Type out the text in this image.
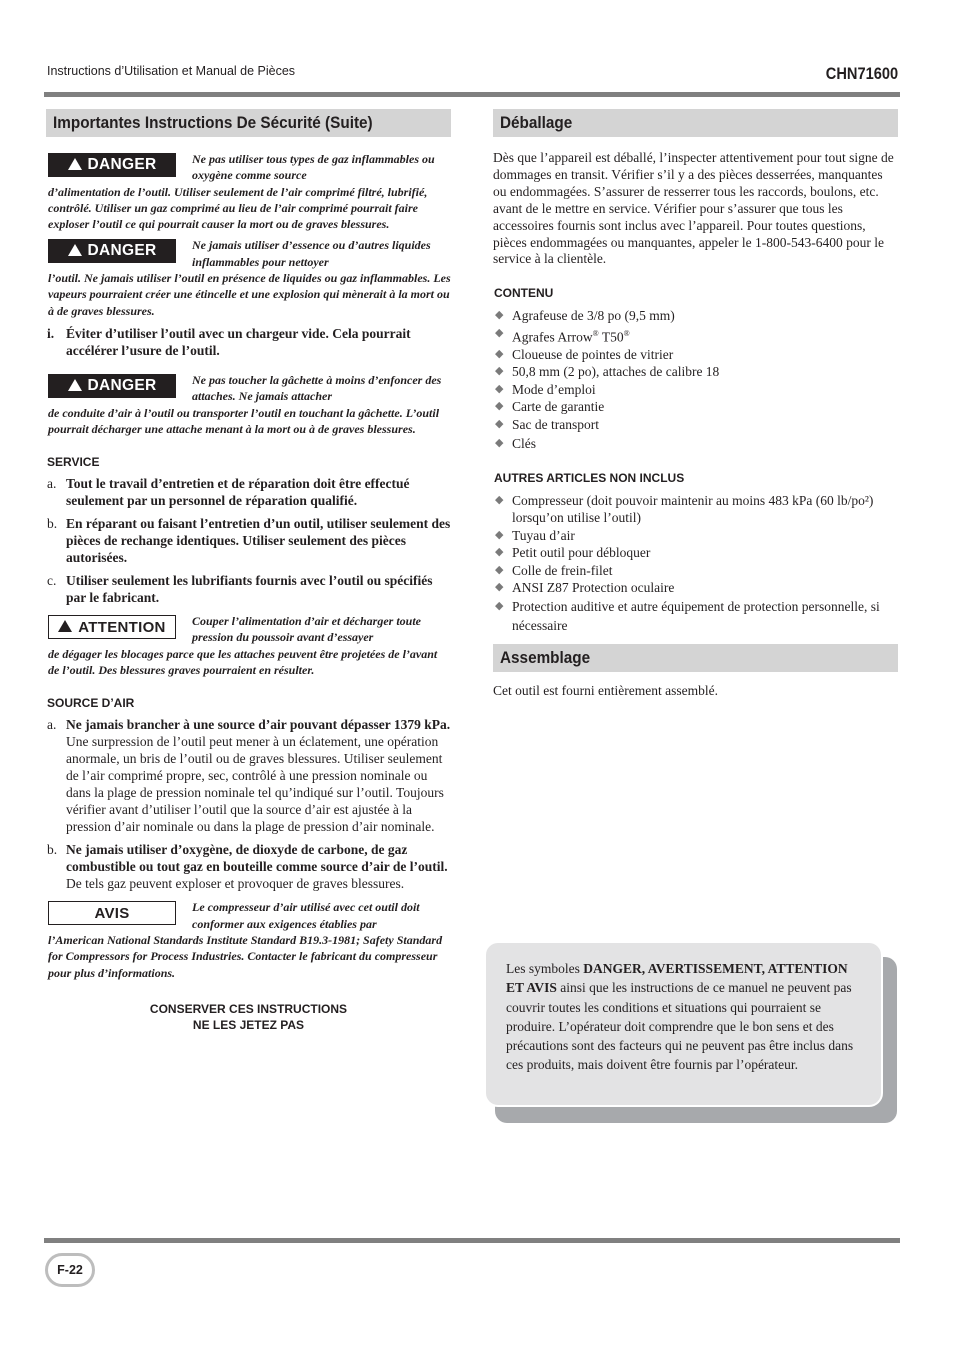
Instructions d’Utilisation et Manual de Pièces	CHN71600
Importantes Instructions De Sécurité (Suite)
DANGER	Ne pas utiliser tous types de gaz inflammables ou oxygène comme source
d’alimentation de l’outil. Utiliser seulement de l’air comprimé filtré, lubrifié, contrôlé. Utiliser un gaz comprimé au lieu de l’air comprimé pourrait faire exploser l’outil ce qui pourrait causer la mort ou de graves blessures.
DANGER	Ne jamais utiliser d’essence ou d’autres liquides inflammables pour nettoyer
l’outil. Ne jamais utiliser l’outil en présence de liquides ou gaz inflammables. Les vapeurs pourraient créer une étincelle et une explosion qui mènerait à la mort ou à de graves blessures.
i. Éviter d’utiliser l’outil avec un chargeur vide. Cela pourrait accélérer l’usure de l’outil.
DANGER	Ne pas toucher la gâchette à moins d’enfoncer des attaches. Ne jamais attacher
de conduite d’air à l’outil ou transporter l’outil en touchant la gâchette. L’outil pourrait décharger une attache menant à la mort ou à de graves blessures.
SERVICE
a. Tout le travail d’entretien et de réparation doit être effectué seulement par un personnel de réparation qualifié.
b. En réparant ou faisant l’entretien d’un outil, utiliser seulement des pièces de rechange identiques. Utiliser seulement des pièces autorisées.
c. Utiliser seulement les lubrifiants fournis avec l’outil ou spécifiés par le fabricant.
ATTENTION	Couper l’alimentation d’air et décharger toute pression du poussoir avant d’essayer
de dégager les blocages parce que les attaches peuvent être projetées de l’avant de l’outil. Des blessures graves pourraient en résulter.
SOURCE D’AIR
a. Ne jamais brancher à une source d’air pouvant dépasser 1379 kPa. Une surpression de l’outil peut mener à un éclatement, une opération anormale, un bris de l’outil ou de graves blessures. Utiliser seulement de l’air comprimé propre, sec, contrôlé à une pression nominale ou dans la plage de pression nominale tel qu’indiqué sur l’outil. Toujours vérifier avant d’utiliser l’outil que la source d’air est ajustée à la pression d’air nominale ou dans la plage de pression d’air nominale.
b. Ne jamais utiliser d’oxygène, de dioxyde de carbone, de gaz combustible ou tout gaz en bouteille comme source d’air de l’outil. De tels gaz peuvent exploser et provoquer de graves blessures.
AVIS	Le compresseur d’air utilisé avec cet outil doit conformer aux exigences établies par
l’American National Standards Institute Standard B19.3-1981; Safety Standard for Compressors for Process Industries. Contacter le fabricant du compresseur pour plus d’informations.
CONSERVER CES INSTRUCTIONS
NE LES JETEZ PAS
Déballage
Dès que l’appareil est déballé, l’inspecter attentivement pour tout signe de dommages en transit. Vérifier s’il y a des pièces desserrées, manquantes ou endommagées. S’assurer de resserrer tous les raccords, boulons, etc. avant de le mettre en service. Vérifier pour s’assurer que tous les accessoires fournis sont inclus avec l’appareil. Pour toutes questions, pièces endommagées ou manquantes, appeler le 1-800-543-6400 pour le service à la clientèle.
CONTENU
◆ Agrafeuse de 3/8 po (9,5 mm)
◆ Agrafes Arrow® T50®
◆ Cloueuse de pointes de vitrier
◆ 50,8 mm (2 po), attaches de calibre 18
◆ Mode d’emploi
◆ Carte de garantie
◆ Sac de transport
◆ Clés
AUTRES ARTICLES NON INCLUS
◆ Compresseur (doit pouvoir maintenir au moins 483 kPa (60 lb/po²) lorsqu’on utilise l’outil)
◆ Tuyau d’air
◆ Petit outil pour débloquer
◆ Colle de frein-filet
◆ ANSI Z87 Protection oculaire
◆ Protection auditive et autre équipement de protection personnelle, si nécessaire
Assemblage
Cet outil est fourni entièrement assemblé.
Les symboles DANGER, AVERTISSEMENT, ATTENTION ET AVIS ainsi que les instructions de ce manuel ne peuvent pas couvrir toutes les conditions et situations qui pourraient se produire. L’opérateur doit comprendre que le bon sens et des précautions sont des facteurs qui ne peuvent pas être inclus dans ces produits, mais doivent être fournis par l’opérateur.
F-22
